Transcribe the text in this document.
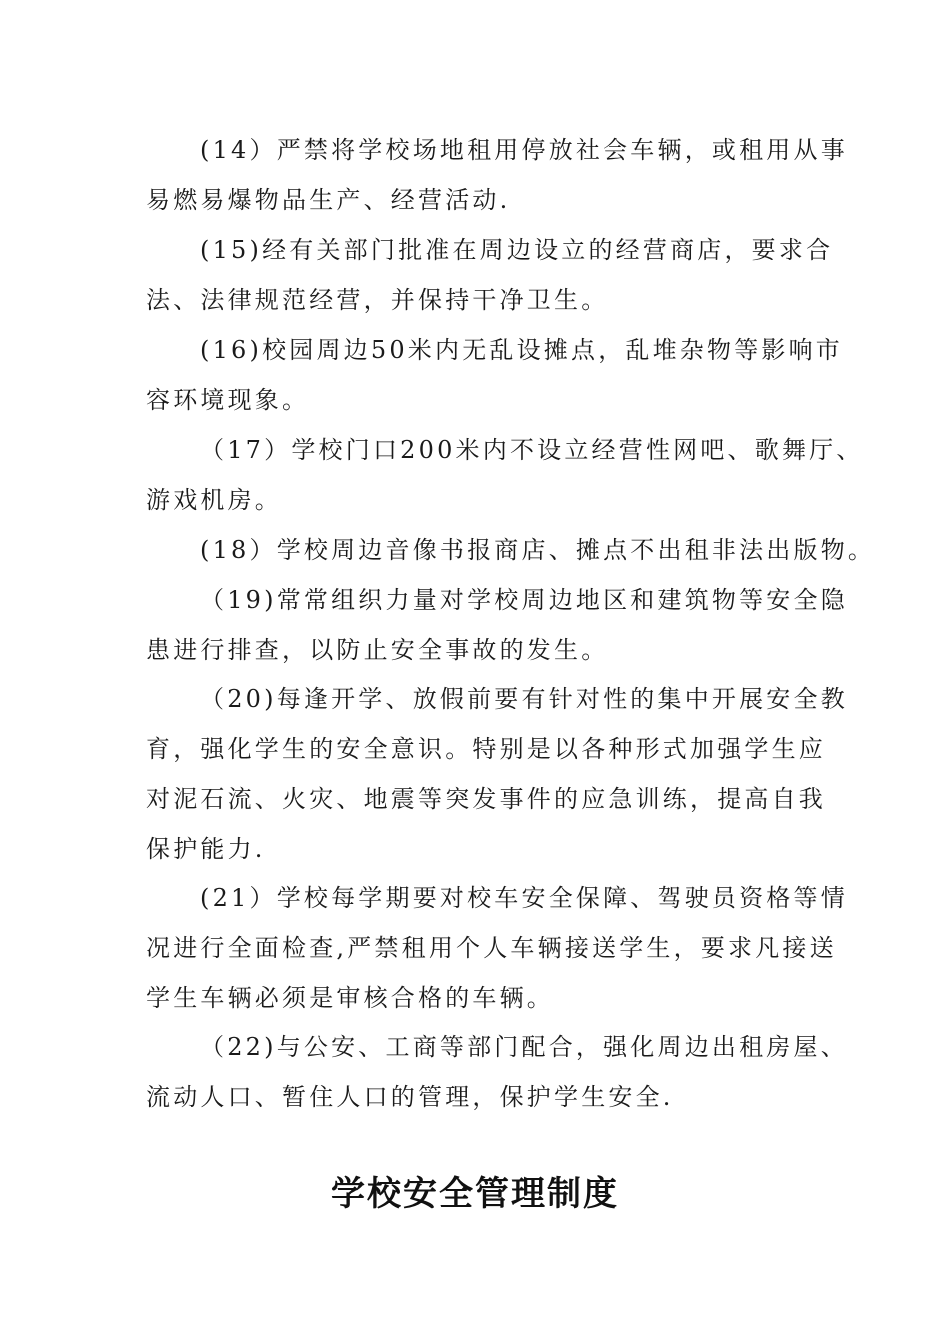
(14）严禁将学校场地租用停放社会车辆，或租用从事
易燃易爆物品生产、经营活动.
(15)经有关部门批准在周边设立的经营商店，要求合
法、法律规范经营，并保持干净卫生。
(16)校园周边50米内无乱设摊点，乱堆杂物等影响市
容环境现象。
（17）学校门口200米内不设立经营性网吧、歌舞厅、
游戏机房。
(18）学校周边音像书报商店、摊点不出租非法出版物。
（19)常常组织力量对学校周边地区和建筑物等安全隐
患进行排查，以防止安全事故的发生。
（20)每逢开学、放假前要有针对性的集中开展安全教
育，强化学生的安全意识。特别是以各种形式加强学生应
对泥石流、火灾、地震等突发事件的应急训练，提高自我
保护能力.
(21）学校每学期要对校车安全保障、驾驶员资格等情
况进行全面检查,严禁租用个人车辆接送学生，要求凡接送
学生车辆必须是审核合格的车辆。
（22)与公安、工商等部门配合，强化周边出租房屋、
流动人口、暂住人口的管理，保护学生安全.
学校安全管理制度
